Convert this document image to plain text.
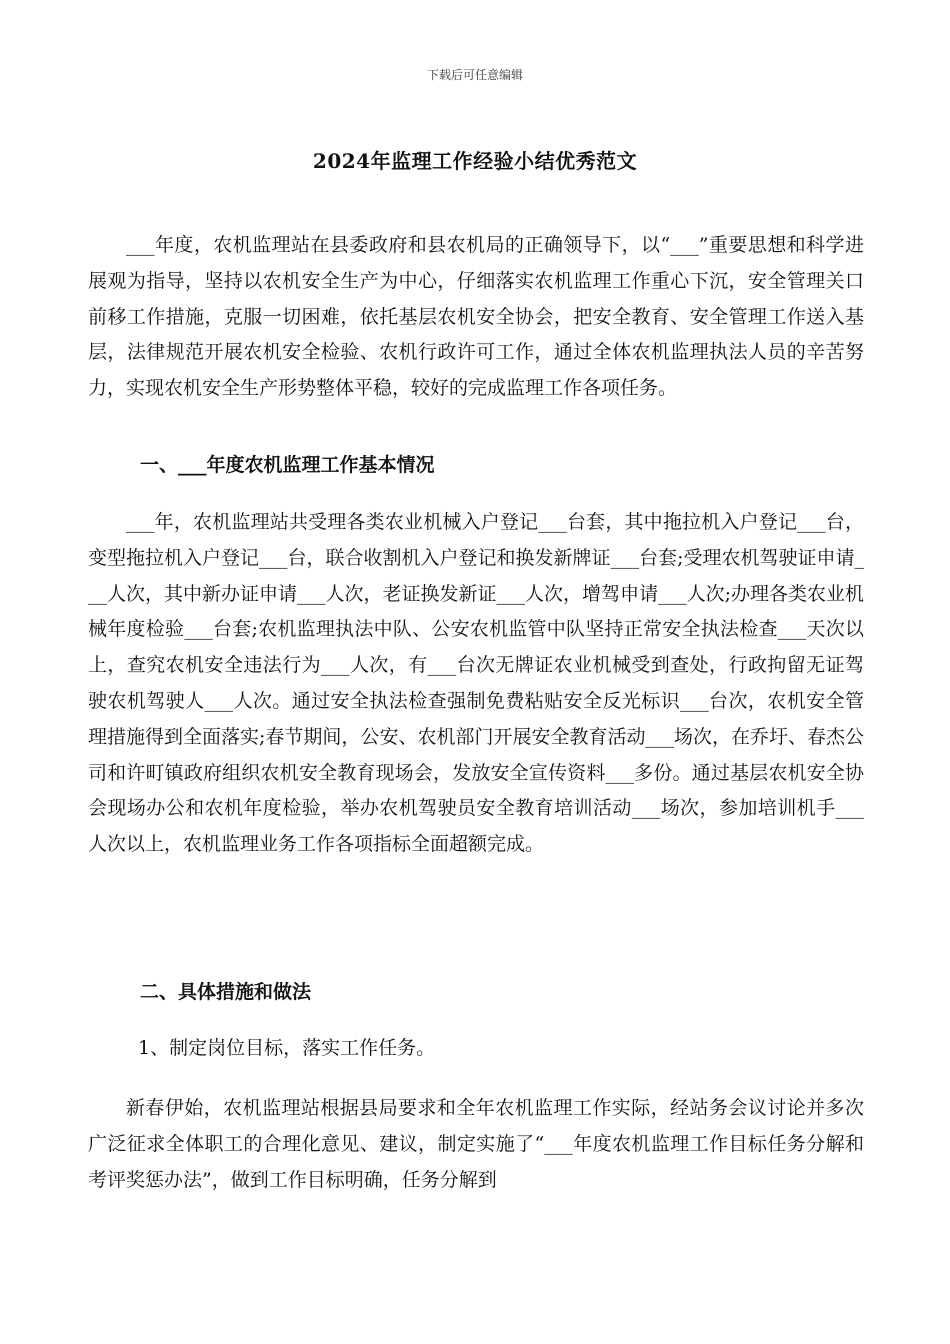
下载后可任意编辑
2024年监理工作经验小结优秀范文

___年度，农机监理站在县委政府和县农机局的正确领导下，以“___”重要思想和科学进展观为指导，坚持以农机安全生产为中心，仔细落实农机监理工作重心下沉，安全管理关口前移工作措施，克服一切困难，依托基层农机安全协会，把安全教育、安全管理工作送入基层，法律规范开展农机安全检验、农机行政许可工作，通过全体农机监理执法人员的辛苦努力，实现农机安全生产形势整体平稳，较好的完成监理工作各项任务。

一、___年度农机监理工作基本情况

___年，农机监理站共受理各类农业机械入户登记___台套，其中拖拉机入户登记___台，变型拖拉机入户登记___台，联合收割机入户登记和换发新牌证___台套;受理农机驾驶证申请___人次，其中新办证申请___人次，老证换发新证___人次，增驾申请___人次;办理各类农业机械年度检验___台套;农机监理执法中队、公安农机监管中队坚持正常安全执法检查___天次以上，查究农机安全违法行为___人次，有___台次无牌证农业机械受到查处，行政拘留无证驾驶农机驾驶人___人次。通过安全执法检查强制免费粘贴安全反光标识___台次，农机安全管理措施得到全面落实;春节期间，公安、农机部门开展安全教育活动___场次，在乔圩、春杰公司和许町镇政府组织农机安全教育现场会，发放安全宣传资料___多份。通过基层农机安全协会现场办公和农机年度检验，举办农机驾驶员安全教育培训活动___场次，参加培训机手___人次以上，农机监理业务工作各项指标全面超额完成。

二、具体措施和做法

1、制定岗位目标，落实工作任务。

新春伊始，农机监理站根据县局要求和全年农机监理工作实际，经站务会议讨论并多次广泛征求全体职工的合理化意见、建议，制定实施了“___年度农机监理工作目标任务分解和考评奖惩办法”，做到工作目标明确，任务分解到
